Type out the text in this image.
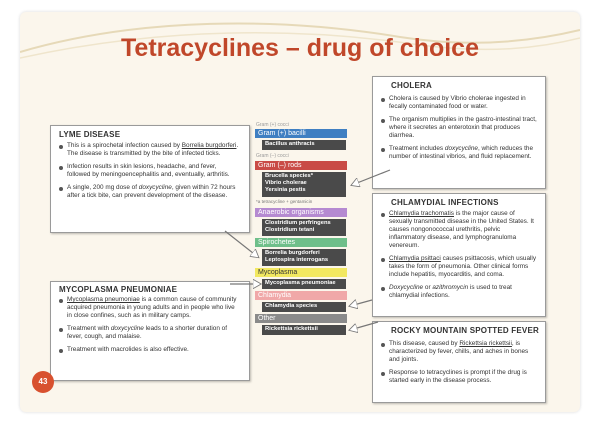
Tetracyclines – drug of choice
LYME DISEASE
This is a spirochetal infection caused by Borrelia burgdorferi. The disease is transmitted by the bite of infected ticks.
Infection results in skin lesions, headache, and fever, followed by meningoencephalitis and, eventually, arthritis.
A single, 200 mg dose of doxycycline, given within 72 hours after a tick bite, can prevent development of the disease.
MYCOPLASMA PNEUMONIAE
Mycoplasma pneumoniae is a common cause of community acquired pneumonia in young adults and in people who live in close confines, such as in military camps.
Treatment with doxycycline leads to a shorter duration of fever, cough, and malaise.
Treatment with macrolides is also effective.
CHOLERA
Cholera is caused by Vibrio cholerae ingested in fecally contaminated food or water.
The organism multiplies in the gastro-intestinal tract, where it secretes an enterotoxin that produces diarrhea.
Treatment includes doxycycline, which reduces the number of intestinal vibrios, and fluid replacement.
CHLAMYDIAL INFECTIONS
Chlamydia trachomatis is the major cause of sexually transmitted disease in the United States. It causes nongonococcal urethritis, pelvic inflammatory disease, and lymphogranuloma venereum.
Chlamydia psittaci causes psittacosis, which usually takes the form of pneumonia. Other clinical forms include hepatitis, myocarditis, and coma.
Doxycycline or azithromycin is used to treat chlamydial infections.
ROCKY MOUNTAIN SPOTTED FEVER
This disease, caused by Rickettsia rickettsii, is characterized by fever, chills, and aches in bones and joints.
Response to tetracyclines is prompt if the drug is started early in the disease process.
Gram (+) cocci
Gram (+) bacilli
Bacillus anthracis
Gram (–) cocci
Gram (–) rods
Brucella species*
Vibrio cholerae
Yersinia pestis
*a tetracycline + gentamicin
Anaerobic organisms
Clostridium perfringens
Clostridium tetani
Spirochetes
Borrelia burgdorferi
Leptospira interrogans
Mycoplasma
Mycoplasma pneumoniae
Chlamydia
Chlamydia species
Other
Rickettsia rickettsii
43
